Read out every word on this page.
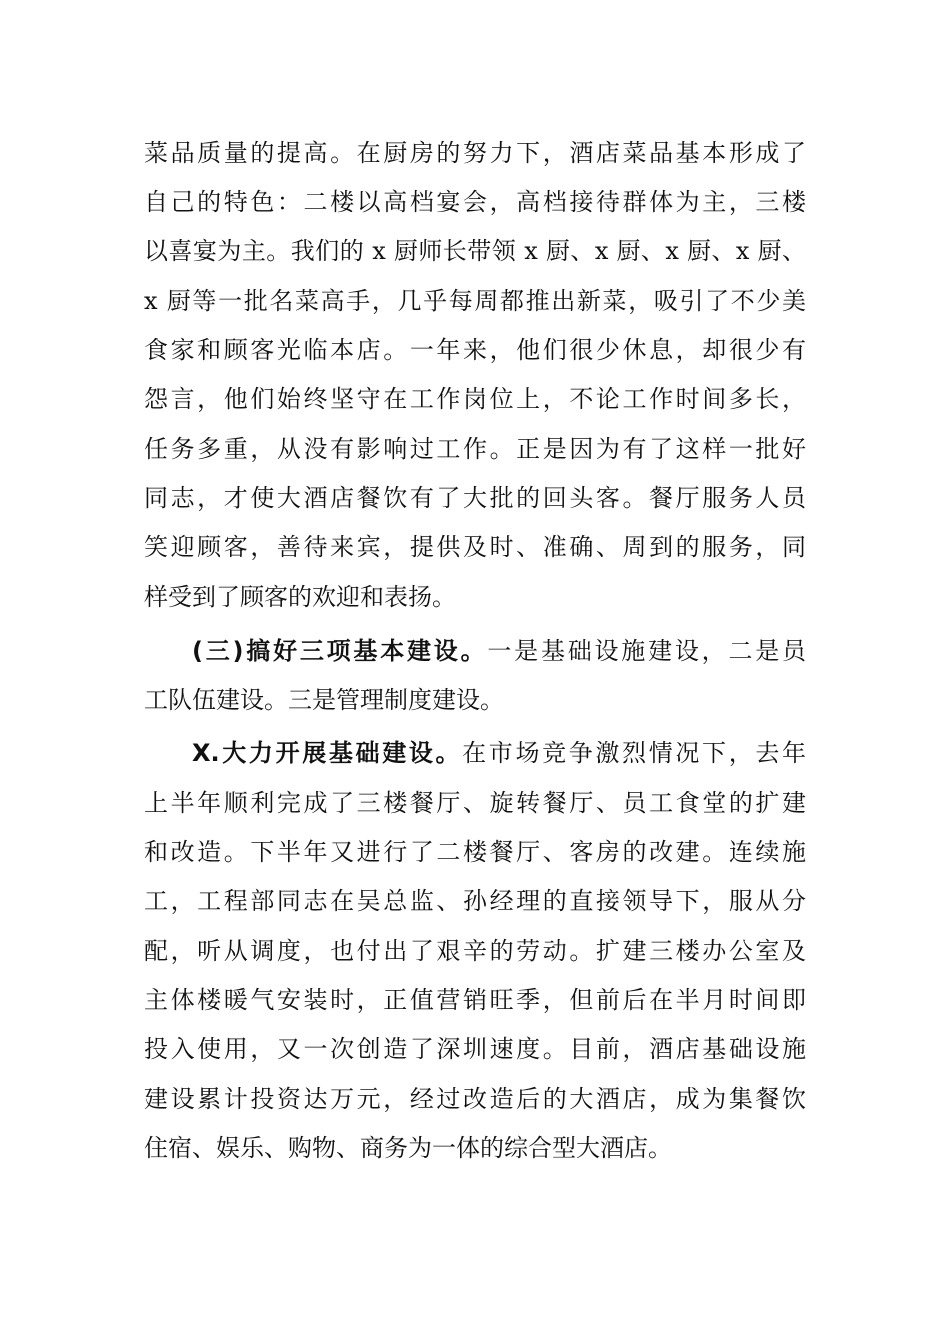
菜品质量的提高。在厨房的努力下，酒店菜品基本形成了
自己的特色：二楼以高档宴会，高档接待群体为主，三楼
以喜宴为主。我们的 x 厨师长带领 x 厨、x 厨、x 厨、x 厨、
x 厨等一批名菜高手，几乎每周都推出新菜，吸引了不少美
食家和顾客光临本店。一年来，他们很少休息，却很少有
怨言，他们始终坚守在工作岗位上，不论工作时间多长，
任务多重，从没有影响过工作。正是因为有了这样一批好
同志，才使大酒店餐饮有了大批的回头客。餐厅服务人员
笑迎顾客，善待来宾，提供及时、准确、周到的服务，同
样受到了顾客的欢迎和表扬。
(三)搞好三项基本建设。一是基础设施建设，二是员
工队伍建设。三是管理制度建设。
X.大力开展基础建设。在市场竞争激烈情况下，去年
上半年顺利完成了三楼餐厅、旋转餐厅、员工食堂的扩建
和改造。下半年又进行了二楼餐厅、客房的改建。连续施
工，工程部同志在吴总监、孙经理的直接领导下，服从分
配，听从调度，也付出了艰辛的劳动。扩建三楼办公室及
主体楼暖气安装时，正值营销旺季，但前后在半月时间即
投入使用，又一次创造了深圳速度。目前，酒店基础设施
建设累计投资达万元，经过改造后的大酒店，成为集餐饮
住宿、娱乐、购物、商务为一体的综合型大酒店。
